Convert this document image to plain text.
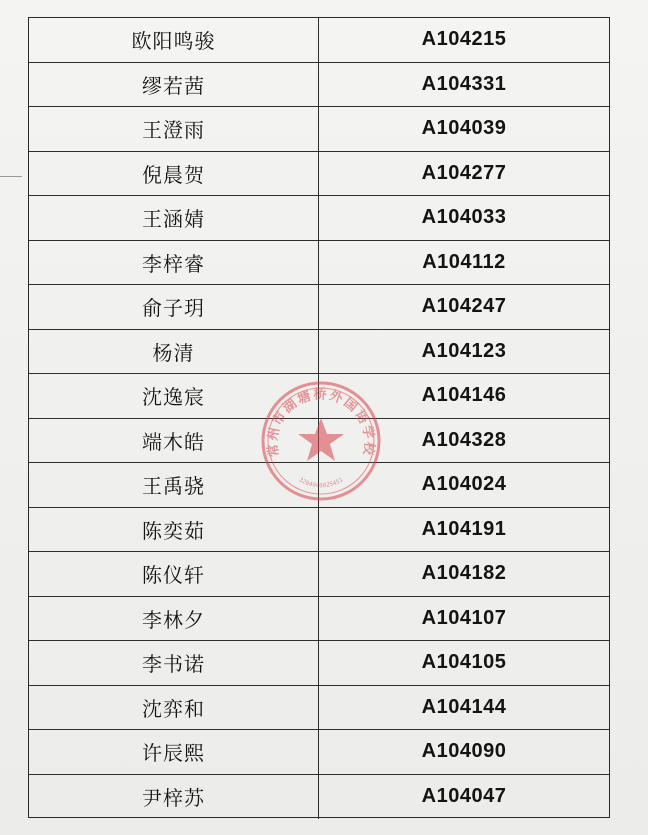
欧阳鸣骏	A104215
缪若茜	A104331
王澄雨	A104039
倪晨贺	A104277
王涵婧	A104033
李梓睿	A104112
俞子玥	A104247
杨清	A104123
沈逸宸	A104146
端木皓	A104328
王禹骁	A104024
陈奕茹	A104191
陈仪轩	A104182
李林夕	A104107
李书诺	A104105
沈弈和	A104144
许辰熙	A104090
尹梓苏	A104047
常州市湖塘桥外国语学校
3204040025451
